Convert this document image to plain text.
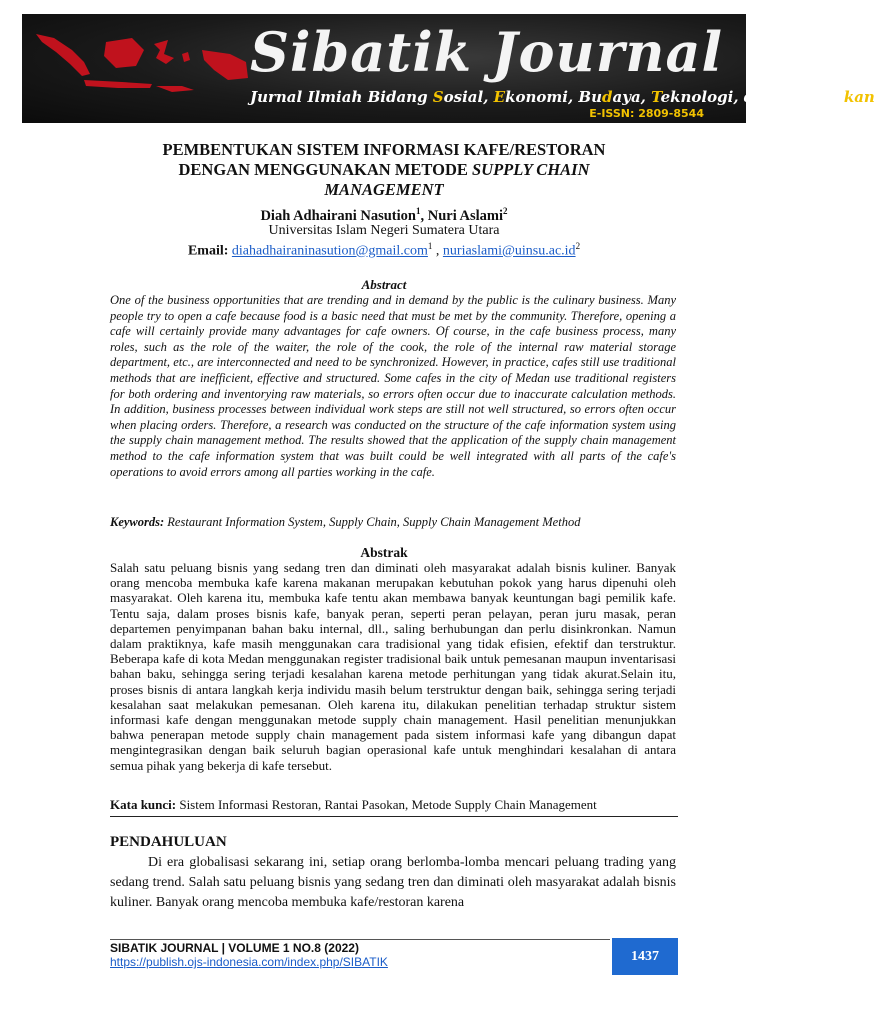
Sibatik Journal
Jurnal Ilmiah Bidang Sosial, Ekonomi, Budaya, Teknologi, dan Pendidikan
E-ISSN: 2809-8544
PEMBENTUKAN SISTEM INFORMASI KAFE/RESTORAN
DENGAN MENGGUNAKAN METODE SUPPLY CHAIN
MANAGEMENT
Diah Adhairani Nasution$^1$, Nuri Aslami$^2$
Universitas Islam Negeri Sumatera Utara
Email: diahadhairaninasution@gmail.com$^1$ , $nuriaslami@uinsu.ac.id^2$
Abstract
One of the business opportunities that are trending and in demand by the public is the culinary business. Many people try to open a cafe because food is a basic need that must be met by the community. Therefore, opening a cafe will certainly provide many advantages for cafe owners. Of course, in the cafe business process, many roles, such as the role of the waiter, the role of the cook, the role of the internal raw material storage department, etc., are interconnected and need to be synchronized. However, in practice, cafes still use traditional methods that are inefficient, effective and structured. Some cafes in the city of Medan use traditional registers for both ordering and inventorying raw materials, so errors often occur due to inaccurate calculation methods. In addition, business processes between individual work steps are still not well structured, so errors often occur when placing orders. Therefore, a research was conducted on the structure of the cafe information system using the supply chain management method. The results showed that the application of the supply chain management method to the cafe information system that was built could be well integrated with all parts of the cafe's operations to avoid errors among all parties working in the cafe.
Keywords: Restaurant Information System, Supply Chain, Supply Chain Management Method
Abstrak
Salah satu peluang bisnis yang sedang tren dan diminati oleh masyarakat adalah bisnis kuliner. Banyak orang mencoba membuka kafe karena makanan merupakan kebutuhan pokok yang harus dipenuhi oleh masyarakat. Oleh karena itu, membuka kafe tentu akan membawa banyak keuntungan bagi pemilik kafe. Tentu saja, dalam proses bisnis kafe, banyak peran, seperti peran pelayan, peran juru masak, peran departemen penyimpanan bahan baku internal, dll., saling berhubungan dan perlu disinkronkan. Namun dalam praktiknya, kafe masih menggunakan cara tradisional yang tidak efisien, efektif dan terstruktur. Beberapa kafe di kota Medan menggunakan register tradisional baik untuk pemesanan maupun inventarisasi bahan baku, sehingga sering terjadi kesalahan karena metode perhitungan yang tidak akurat.Selain itu, proses bisnis di antara langkah kerja individu masih belum terstruktur dengan baik, sehingga sering terjadi kesalahan saat melakukan pemesanan. Oleh karena itu, dilakukan penelitian terhadap struktur sistem informasi kafe dengan menggunakan metode supply chain management. Hasil penelitian menunjukkan bahwa penerapan metode supply chain management pada sistem informasi kafe yang dibangun dapat mengintegrasikan dengan baik seluruh bagian operasional kafe untuk menghindari kesalahan di antara semua pihak yang bekerja di kafe tersebut.
Kata kunci: Sistem Informasi Restoran, Rantai Pasokan, Metode Supply Chain Management
PENDAHULUAN
Di era globalisasi sekarang ini, setiap orang berlomba-lomba mencari peluang trading yang sedang trend. Salah satu peluang bisnis yang sedang tren dan diminati oleh masyarakat adalah bisnis kuliner. Banyak orang mencoba membuka kafe/restoran karena
SIBATIK JOURNAL | VOLUME 1 NO.8 (2022)
https://publish.ojs-indonesia.com/index.php/SIBATIK	1437
